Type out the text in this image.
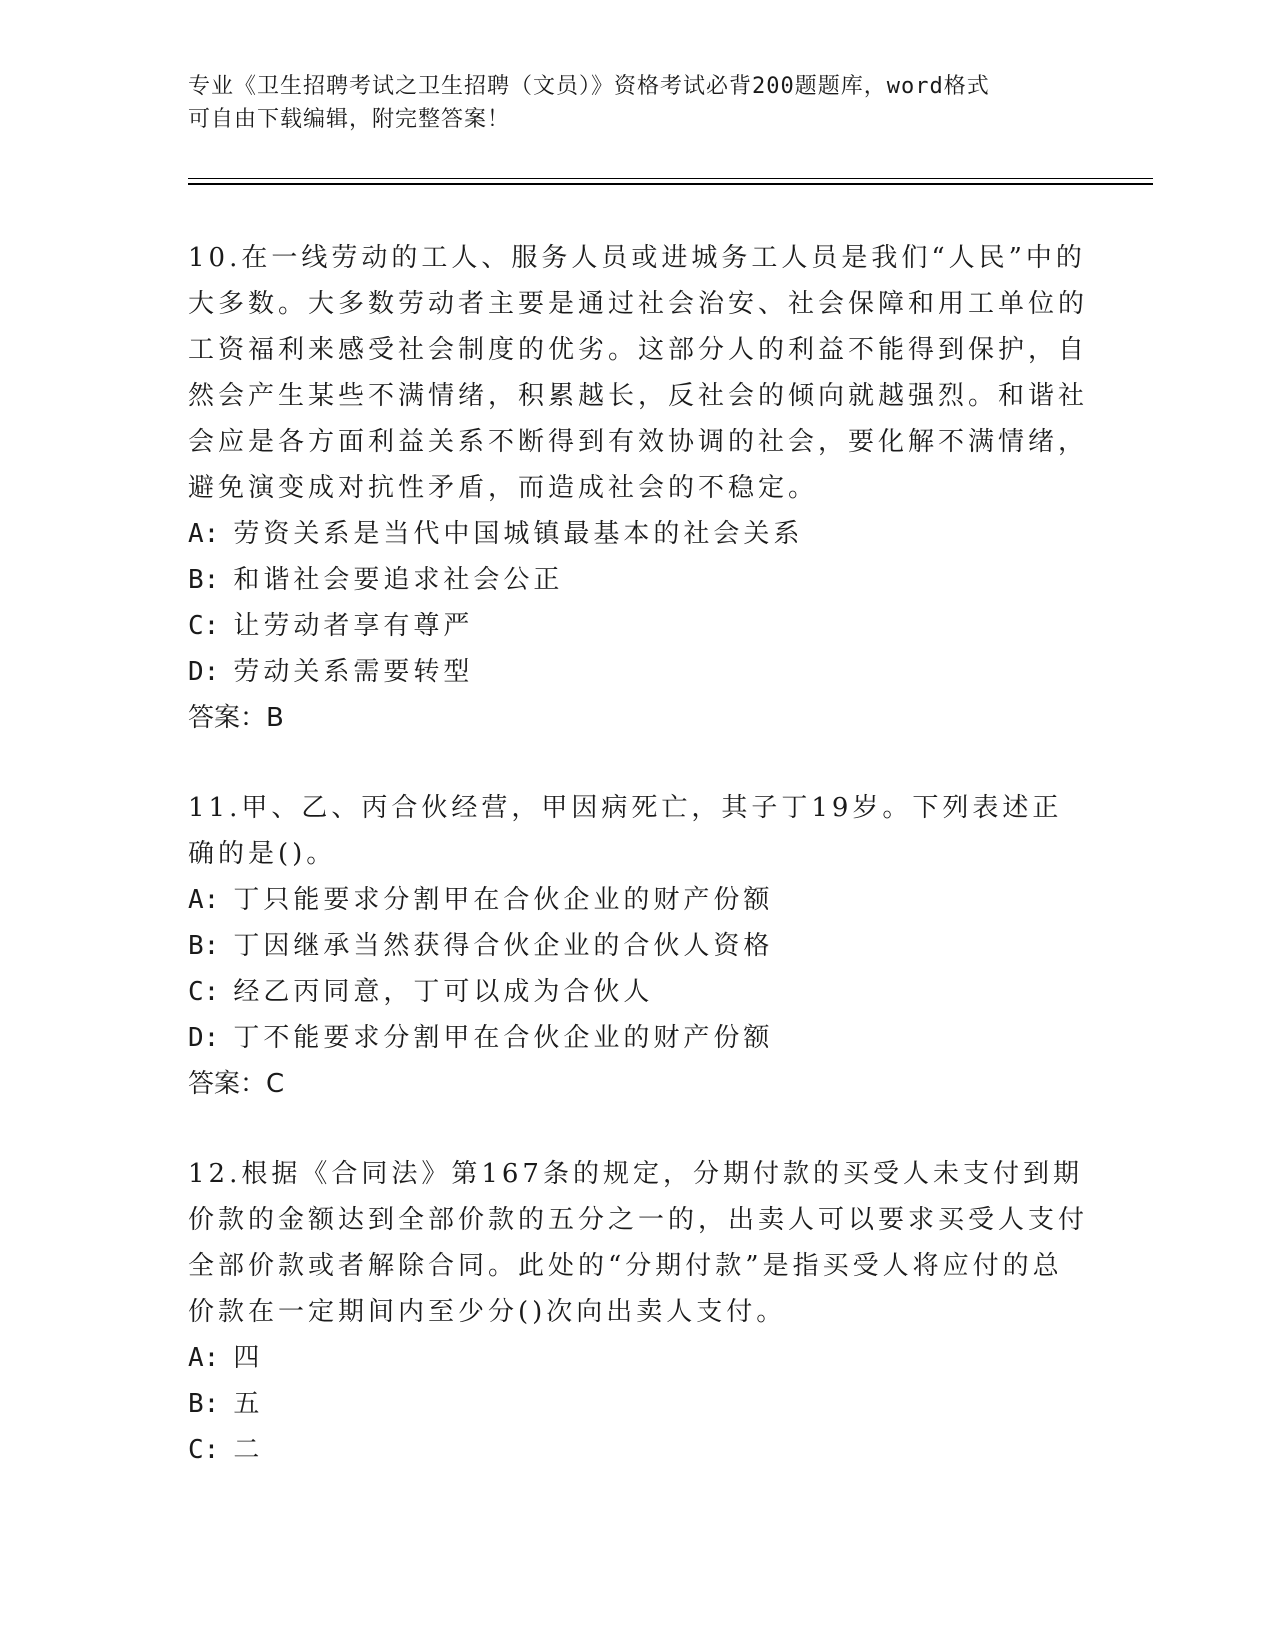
专业《卫生招聘考试之卫生招聘（文员）》资格考试必背200题题库，word格式
可自由下载编辑，附完整答案！

10.在一线劳动的工人、服务人员或进城务工人员是我们“人民”中的大多数。大多数劳动者主要是通过社会治安、社会保障和用工单位的工资福利来感受社会制度的优劣。这部分人的利益不能得到保护，自然会产生某些不满情绪，积累越长，反社会的倾向就越强烈。和谐社会应是各方面利益关系不断得到有效协调的社会，要化解不满情绪，避免演变成对抗性矛盾，而造成社会的不稳定。

A: 劳资关系是当代中国城镇最基本的社会关系

B: 和谐社会要追求社会公正

C: 让劳动者享有尊严

D: 劳动关系需要转型

答案：B

11.甲、乙、丙合伙经营，甲因病死亡，其子丁19岁。下列表述正确的是()。

A: 丁只能要求分割甲在合伙企业的财产份额

B: 丁因继承当然获得合伙企业的合伙人资格

C: 经乙丙同意，丁可以成为合伙人

D: 丁不能要求分割甲在合伙企业的财产份额

答案：C

12.根据《合同法》第167条的规定，分期付款的买受人未支付到期价款的金额达到全部价款的五分之一的，出卖人可以要求买受人支付全部价款或者解除合同。此处的“分期付款”是指买受人将应付的总价款在一定期间内至少分()次向出卖人支付。

A: 四

B: 五

C: 二
